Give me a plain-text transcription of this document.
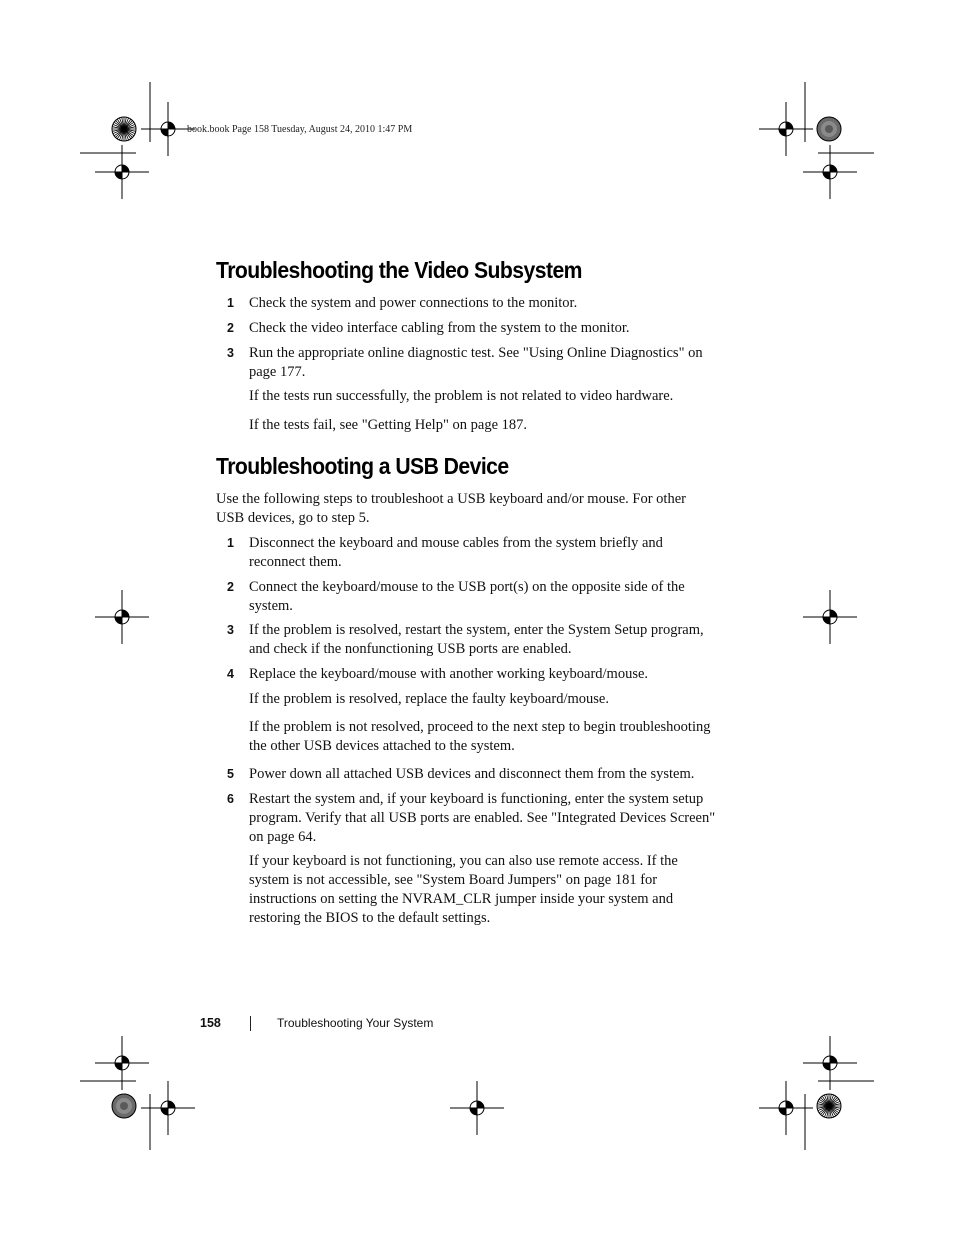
book.book Page 158 Tuesday, August 24, 2010 1:47 PM
Troubleshooting the Video Subsystem
1 Check the system and power connections to the monitor.
2 Check the video interface cabling from the system to the monitor.
3 Run the appropriate online diagnostic test. See "Using Online Diagnostics" on page 177.
If the tests run successfully, the problem is not related to video hardware.
If the tests fail, see "Getting Help" on page 187.
Troubleshooting a USB Device
Use the following steps to troubleshoot a USB keyboard and/or mouse. For other USB devices, go to step 5.
1 Disconnect the keyboard and mouse cables from the system briefly and reconnect them.
2 Connect the keyboard/mouse to the USB port(s) on the opposite side of the system.
3 If the problem is resolved, restart the system, enter the System Setup program, and check if the nonfunctioning USB ports are enabled.
4 Replace the keyboard/mouse with another working keyboard/mouse.
If the problem is resolved, replace the faulty keyboard/mouse.
If the problem is not resolved, proceed to the next step to begin troubleshooting the other USB devices attached to the system.
5 Power down all attached USB devices and disconnect them from the system.
6 Restart the system and, if your keyboard is functioning, enter the system setup program. Verify that all USB ports are enabled. See "Integrated Devices Screen" on page 64.
If your keyboard is not functioning, you can also use remote access. If the system is not accessible, see "System Board Jumpers" on page 181 for instructions on setting the NVRAM_CLR jumper inside your system and restoring the BIOS to the default settings.
158	Troubleshooting Your System
